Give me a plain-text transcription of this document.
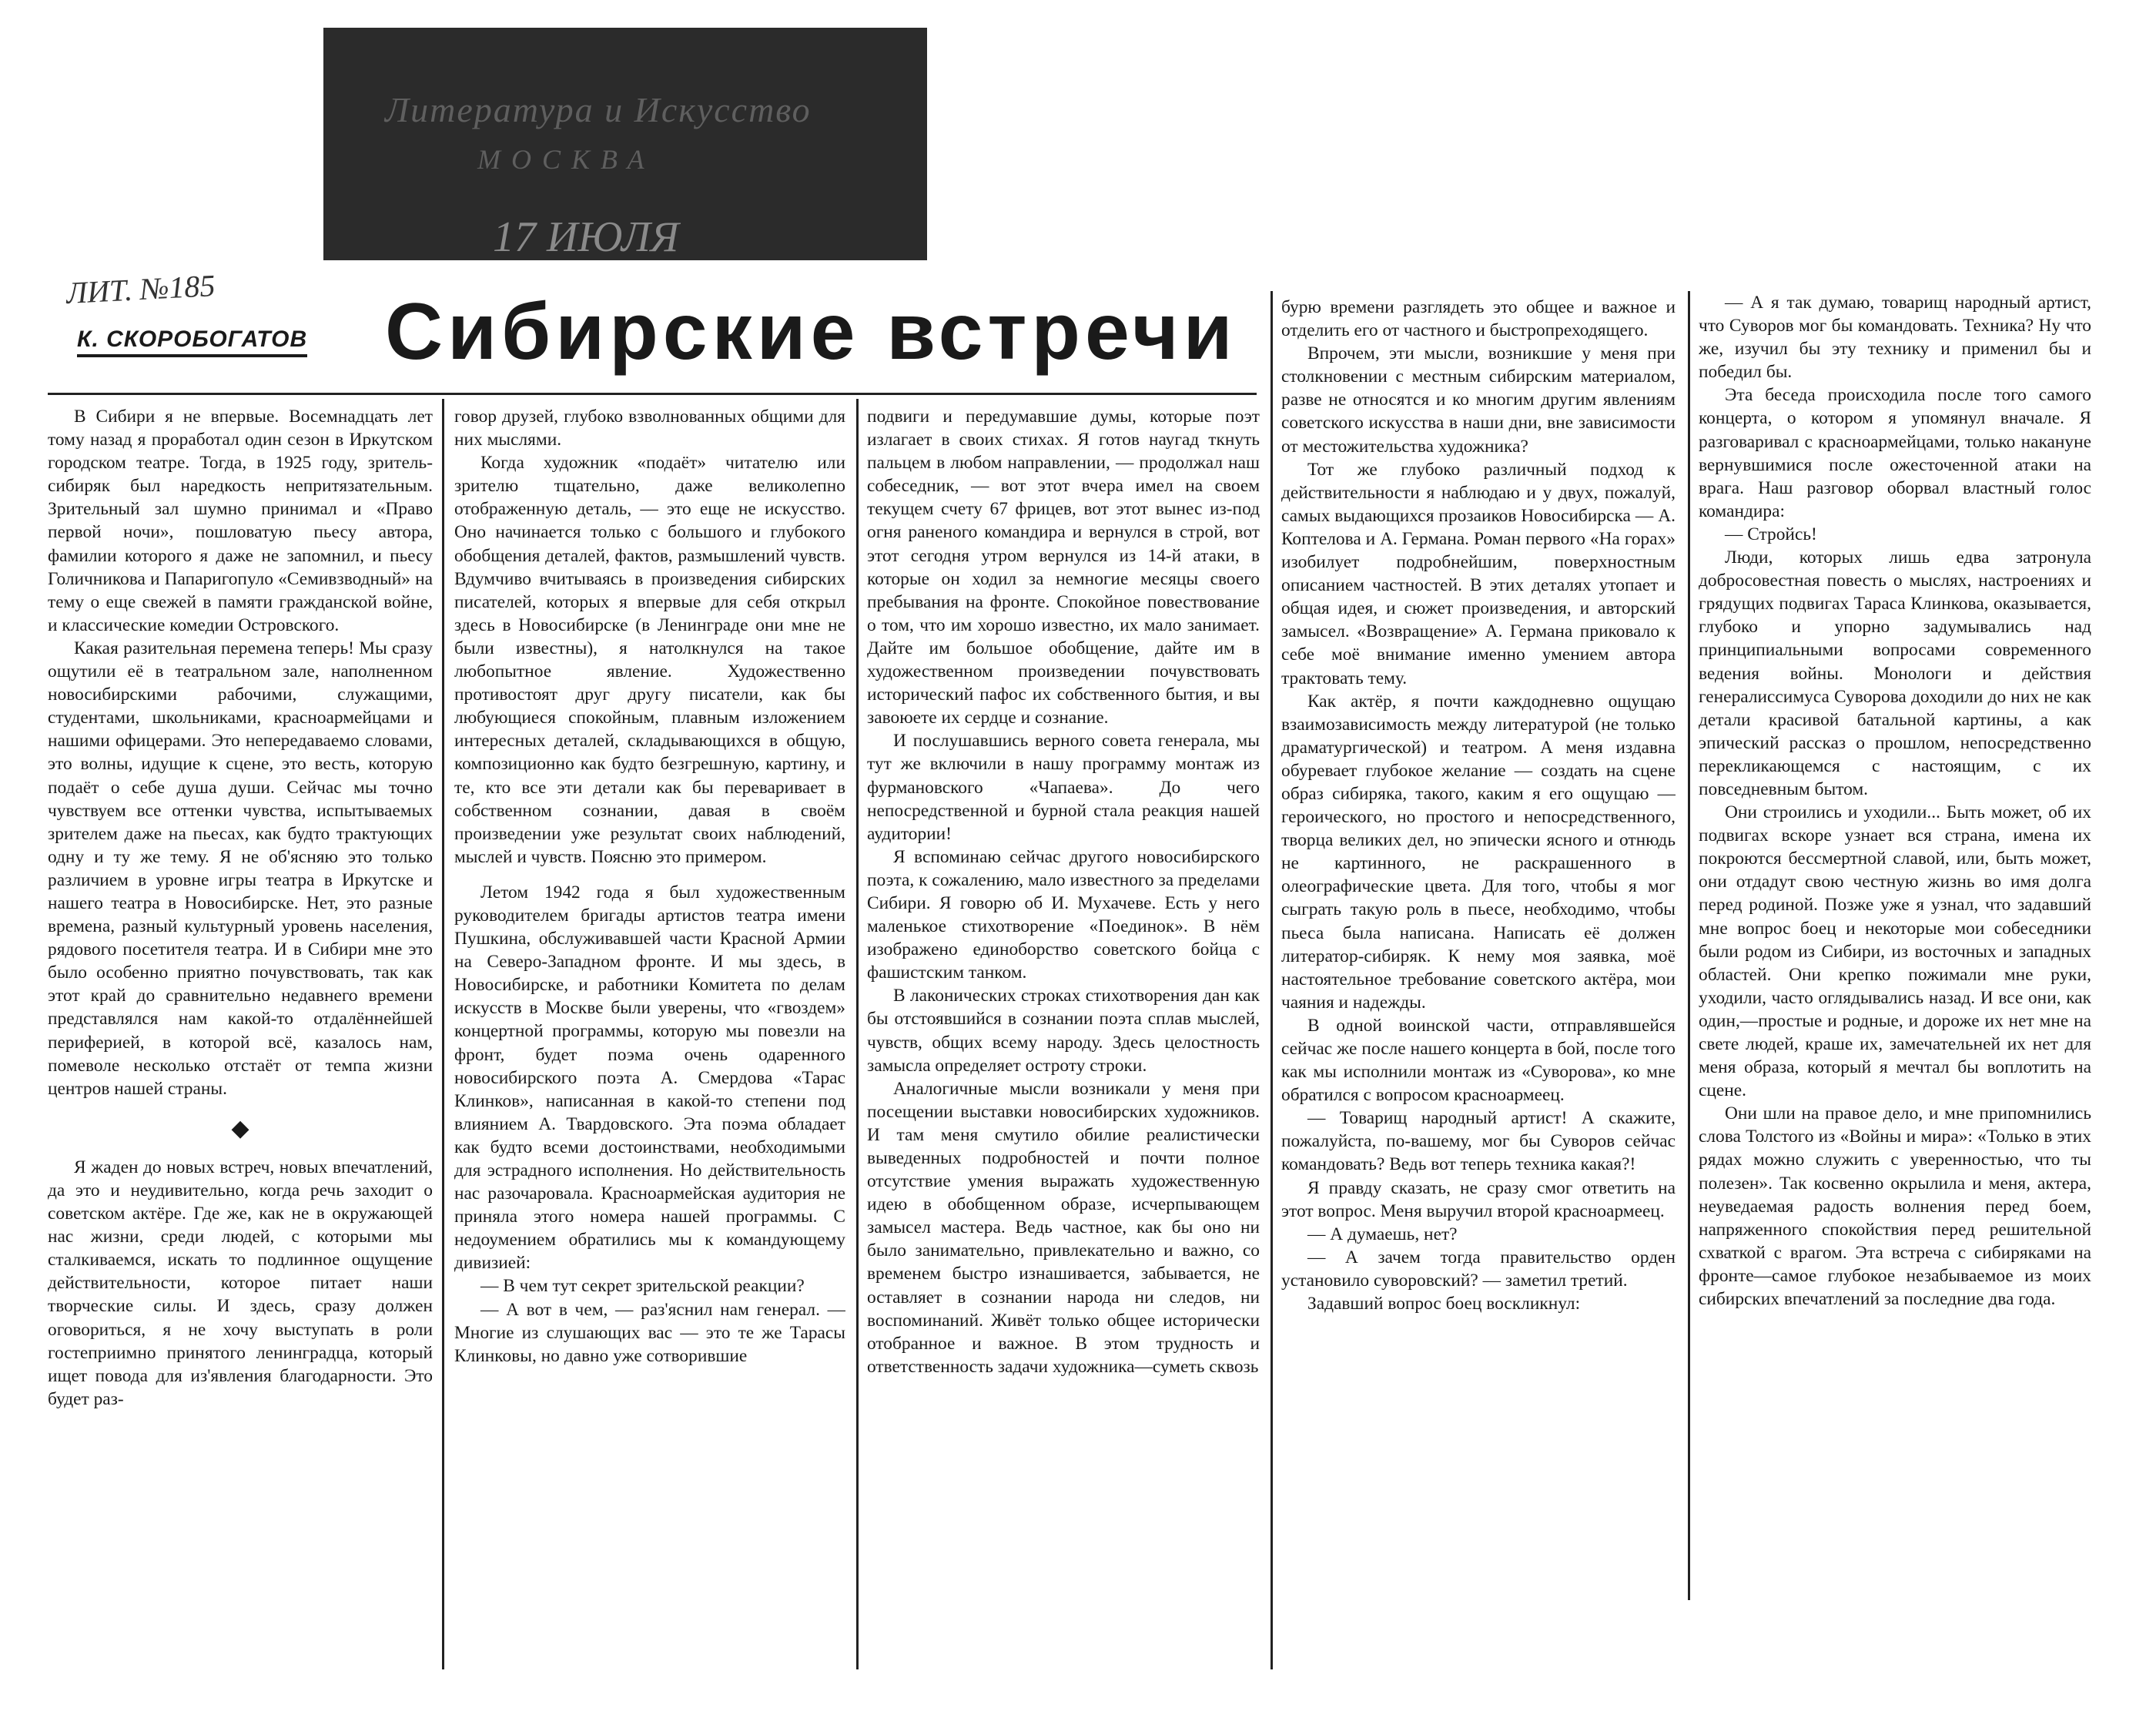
Литература и Искусство
МОСКВА
17 ИЮЛЯ
ЛИТ. №185
К. СКОРОБОГАТОВ Сибирские встречи

В Сибири я не впервые. Восемнадцать лет тому назад я проработал один сезон в Иркутском городском театре. Тогда, в 1925 году, зритель-сибиряк был наредкость непритязательным. Зрительный зал шумно принимал и «Право первой ночи», пошловатую пьесу автора, фамилии которого я даже не запомнил, и пьесу Голичникова и Папаригопуло «Семивзводный» на тему о еще свежей в памяти гражданской войне, и классические комедии Островского.

Какая разительная перемена теперь! Мы сразу ощутили её в театральном зале, наполненном новосибирскими рабочими, служащими, студентами, школьниками, красноармейцами и нашими офицерами. Это непередаваемо словами, это волны, идущие к сцене, это весть, которую подаёт о себе душа души. Сейчас мы точно чувствуем все оттенки чувства, испытываемых зрителем даже на пьесах, как будто трактующих одну и ту же тему. Я не об'ясняю это только различием в уровне игры театра в Иркутске и нашего театра в Новосибирске. Нет, это разные времена, разный культурный уровень населения, рядового посетителя театра. И в Сибири мне это было особенно приятно почувствовать, так как этот край до сравнительно недавнего времени представлялся нам какой-то отдалённейшей периферией, в которой всё, казалось нам, помеволе несколько отстаёт от темпа жизни центров нашей страны.

◆

Я жаден до новых встреч, новых впечатлений, да это и неудивительно, когда речь заходит о советском актёре. Где же, как не в окружающей нас жизни, среди людей, с которыми мы сталкиваемся, искать то подлинное ощущение действительности, которое питает наши творческие силы. И здесь, сразу должен оговориться, я не хочу выступать в роли гостеприимно принятого ленинградца, который ищет повода для из'явления благодарности. Это будет раз-

говор друзей, глубоко взволнованных общими для них мыслями.

Когда художник «подаёт» читателю или зрителю тщательно, даже великолепно отображенную деталь, — это еще не искусство. Оно начинается только с большого и глубокого обобщения деталей, фактов, размышлений чувств. Вдумчиво вчитываясь в произведения сибирских писателей, которых я впервые для себя открыл здесь в Новосибирске (в Ленинграде они мне не были известны), я натолкнулся на такое любопытное явление. Художественно противостоят друг другу писатели, как бы любующиеся спокойным, плавным изложением интересных деталей, складывающихся в общую, композиционно как будто безгрешную, картину, и те, кто все эти детали как бы переваривает в собственном сознании, давая в своём произведении уже результат своих наблюдений, мыслей и чувств. Поясню это примером.

Летом 1942 года я был художественным руководителем бригады артистов театра имени Пушкина, обслуживавшей части Красной Армии на Северо-Западном фронте. И мы здесь, в Новосибирске, и работники Комитета по делам искусств в Москве были уверены, что «гвоздем» концертной программы, которую мы повезли на фронт, будет поэма очень одаренного новосибирского поэта А. Смердова «Тарас Клинков», написанная в какой-то степени под влиянием А. Твардовского. Эта поэма обладает как будто всеми достоинствами, необходимыми для эстрадного исполнения. Но действительность нас разочаровала. Красноармейская аудитория не приняла этого номера нашей программы. С недоумением обратились мы к командующему дивизией:

— В чем тут секрет зрительской реакции?

— А вот в чем, — раз'яснил нам генерал. — Многие из слушающих вас — это те же Тарасы Клинковы, но давно уже сотворившие

подвиги и передумавшие думы, которые поэт излагает в своих стихах. Я готов наугад ткнуть пальцем в любом направлении, — продолжал наш собеседник, — вот этот вчера имел на своем текущем счету 67 фрицев, вот этот вынес из-под огня раненого командира и вернулся в строй, вот этот сегодня утром вернулся из 14-й атаки, в которые он ходил за немногие месяцы своего пребывания на фронте. Спокойное повествование о том, что им хорошо известно, их мало занимает. Дайте им большое обобщение, дайте им в художественном произведении почувствовать исторический пафос их собственного бытия, и вы завоюете их сердце и сознание.

И послушавшись верного совета генерала, мы тут же включили в нашу программу монтаж из фурмановского «Чапаева». До чего непосредственной и бурной стала реакция нашей аудитории!

Я вспоминаю сейчас другого новосибирского поэта, к сожалению, мало известного за пределами Сибири. Я говорю об И. Мухачеве. Есть у него маленькое стихотворение «Поединок». В нём изображено единоборство советского бойца с фашистским танком.

В лаконических строках стихотворения дан как бы отстоявшийся в сознании поэта сплав мыслей, чувств, общих всему народу. Здесь целостность замысла определяет остроту строки.

Аналогичные мысли возникали у меня при посещении выставки новосибирских художников. И там меня смутило обилие реалистически выведенных подробностей и почти полное отсутствие умения выражать художественную идею в обобщенном образе, исчерпывающем замысел мастера. Ведь частное, как бы оно ни было занимательно, привлекательно и важно, со временем быстро изнашивается, забывается, не оставляет в сознании народа ни следов, ни воспоминаний. Живёт только общее исторически отобранное и важное. В этом трудность и ответственность задачи художника—суметь сквозь

бурю времени разглядеть это общее и важное и отделить его от частного и быстропреходящего.

Впрочем, эти мысли, возникшие у меня при столкновении с местным сибирским материалом, разве не относятся и ко многим другим явлениям советского искусства в наши дни, вне зависимости от местожительства художника?

Тот же глубоко различный подход к действительности я наблюдаю и у двух, пожалуй, самых выдающихся прозаиков Новосибирска — А. Коптелова и А. Германа. Роман первого «На горах» изобилует подробнейшим, поверхностным описанием частностей. В этих деталях утопает и общая идея, и сюжет произведения, и авторский замысел. «Возвращение» А. Германа приковало к себе моё внимание именно умением автора трактовать тему.

Как актёр, я почти каждодневно ощущаю взаимозависимость между литературой (не только драматургической) и театром. А меня издавна обуревает глубокое желание — создать на сцене образ сибиряка, такого, каким я его ощущаю — героического, но простого и непосредственного, творца великих дел, но эпически ясного и отнюдь не картинного, не раскрашенного в олеографические цвета. Для того, чтобы я мог сыграть такую роль в пьесе, необходимо, чтобы пьеса была написана. Написать её должен литератор-сибиряк. К нему моя заявка, моё настоятельное требование советского актёра, мои чаяния и надежды.

В одной воинской части, отправлявшейся сейчас же после нашего концерта в бой, после того как мы исполнили монтаж из «Суворова», ко мне обратился с вопросом красноармеец.

— Товарищ народный артист! А скажите, пожалуйста, по-вашему, мог бы Суворов сейчас командовать? Ведь вот теперь техника какая?!

Я правду сказать, не сразу смог ответить на этот вопрос. Меня выручил второй красноармеец.

— А думаешь, нет?

— А зачем тогда правительство орден установило суворовский? — заметил третий.

Задавший вопрос боец воскликнул:

— А я так думаю, товарищ народный артист, что Суворов мог бы командовать. Техника? Ну что же, изучил бы эту технику и применил бы и победил бы.

Эта беседа происходила после того самого концерта, о котором я упомянул вначале. Я разговаривал с красноармейцами, только накануне вернувшимися после ожесточенной атаки на врага. Наш разговор оборвал властный голос командира:

— Стройсь!

Люди, которых лишь едва затронула добросовестная повесть о мыслях, настроениях и грядущих подвигах Тараса Клинкова, оказывается, глубоко и упорно задумывались над принципиальными вопросами современного ведения войны. Монологи и действия генералиссимуса Суворова доходили до них не как детали красивой батальной картины, а как эпический рассказ о прошлом, непосредственно перекликающемся с настоящим, с их повседневным бытом.

Они строились и уходили... Быть может, об их подвигах вскоре узнает вся страна, имена их покроются бессмертной славой, или, быть может, они отдадут свою честную жизнь во имя долга перед родиной. Позже уже я узнал, что задавший мне вопрос боец и некоторые мои собеседники были родом из Сибири, из восточных и западных областей. Они крепко пожимали мне руки, уходили, часто оглядывались назад. И все они, как один,—простые и родные, и дороже их нет мне на свете людей, краше их, замечательней их нет для меня образа, который я мечтал бы воплотить на сцене.

Они шли на правое дело, и мне припомнились слова Толстого из «Войны и мира»: «Только в этих рядах можно служить с уверенностью, что ты полезен». Так косвенно окрылила и меня, актера, неуведаемая радость волнения перед боем, напряженного спокойствия перед решительной схваткой с врагом. Эта встреча с сибиряками на фронте—самое глубокое незабываемое из моих сибирских впечатлений за последние два года.
